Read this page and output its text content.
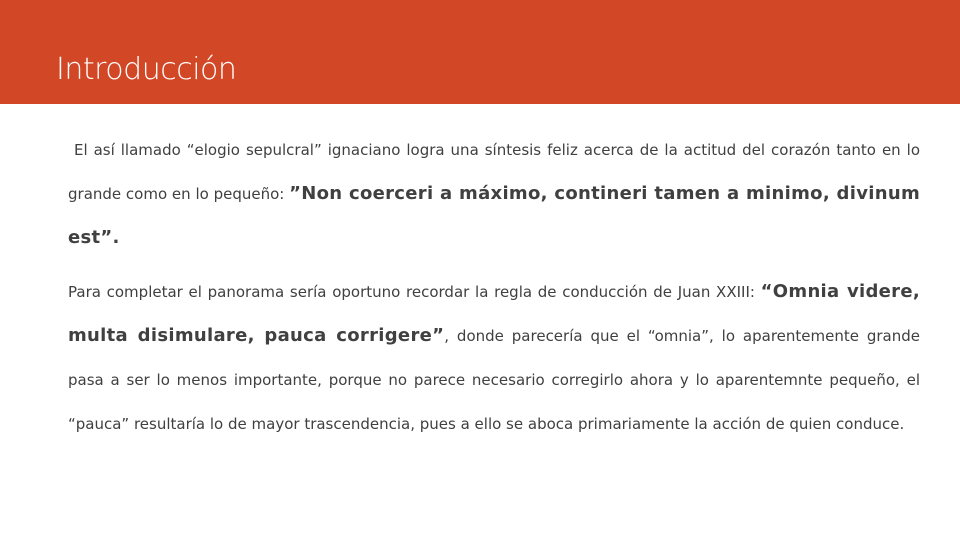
Introducción

El así llamado “elogio sepulcral” ignaciano logra una síntesis feliz acerca de la actitud del corazón tanto en lo grande como en lo pequeño: ”Non coerceri a máximo, contineri tamen a minimo, divinum est”.

Para completar el panorama sería oportuno recordar la regla de conducción de Juan XXIII: “Omnia videre, multa disimulare, pauca corrigere”, donde parecería que el “omnia”, lo aparentemente grande pasa a ser lo menos importante, porque no parece necesario corregirlo ahora y lo aparentemnte pequeño, el “pauca” resultaría lo de mayor trascendencia, pues a ello se aboca primariamente la acción de quien conduce.
